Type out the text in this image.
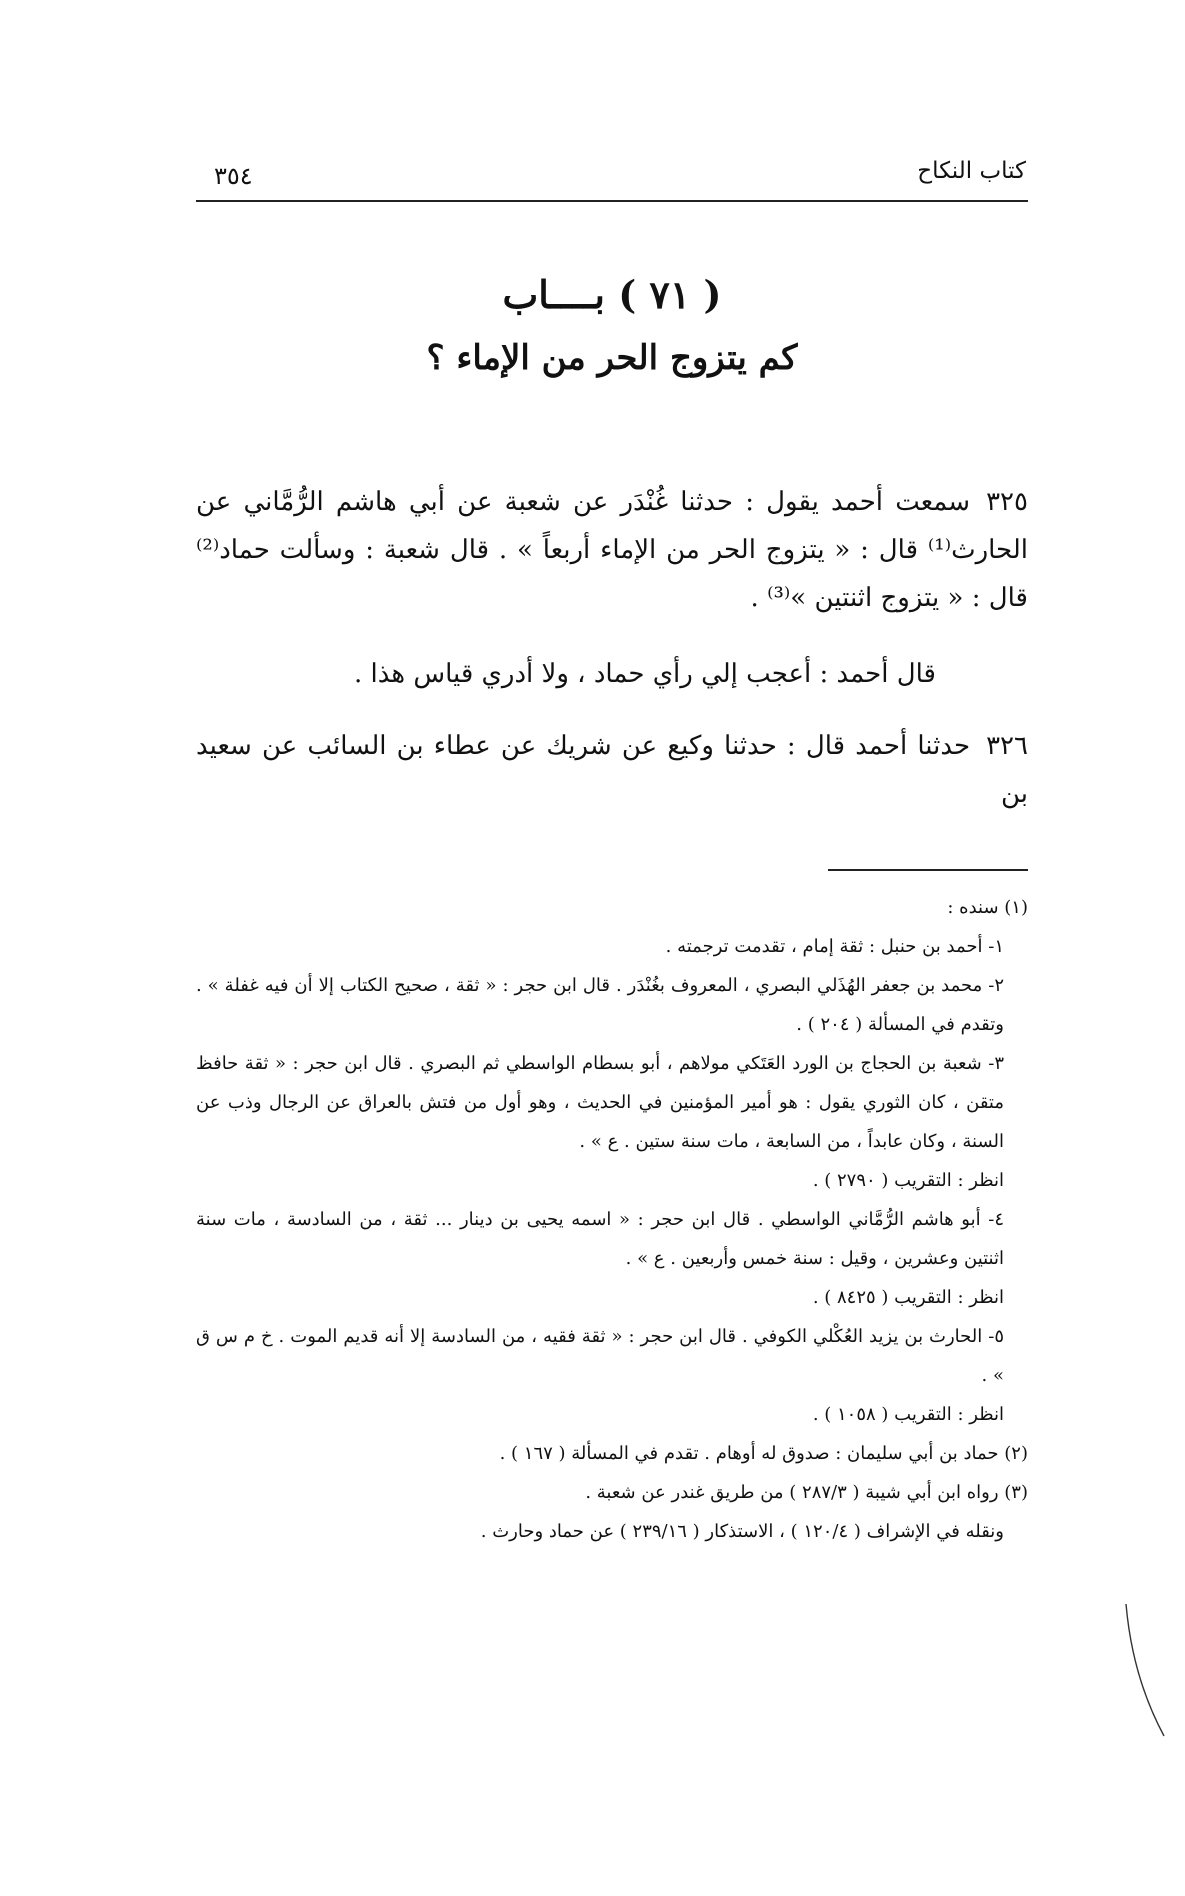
كتاب النكاح
٣٥٤
( ٧١ ) بــــاب
كم يتزوج الحر من الإماء ؟
٣٢٥سمعت أحمد يقول : حدثنا غُنْدَر عن شعبة عن أبي هاشم الرُّمَّاني عن الحارث⁽¹⁾ قال : « يتزوج الحر من الإماء أربعاً » . قال شعبة : وسألت حماد⁽²⁾ قال : « يتزوج اثنتين »⁽³⁾ .
قال أحمد : أعجب إلي رأي حماد ، ولا أدري قياس هذا .
٣٢٦حدثنا أحمد قال : حدثنا وكيع عن شريك عن عطاء بن السائب عن سعيد بن

(١) سنده :

١- أحمد بن حنبل : ثقة إمام ، تقدمت ترجمته .

٢- محمد بن جعفر الهُذَلي البصري ، المعروف بغُنْدَر . قال ابن حجر : « ثقة ، صحيح الكتاب إلا أن فيه غفلة » . وتقدم في المسألة ( ٢٠٤ ) .

٣- شعبة بن الحجاج بن الورد العَتَكي مولاهم ، أبو بسطام الواسطي ثم البصري . قال ابن حجر : « ثقة حافظ متقن ، كان الثوري يقول : هو أمير المؤمنين في الحديث ، وهو أول من فتش بالعراق عن الرجال وذب عن السنة ، وكان عابداً ، من السابعة ، مات سنة ستين . ع » .

انظر : التقريب ( ٢٧٩٠ ) .

٤- أبو هاشم الرُّمَّاني الواسطي . قال ابن حجر : « اسمه يحيى بن دينار ... ثقة ، من السادسة ، مات سنة اثنتين وعشرين ، وقيل : سنة خمس وأربعين . ع » .

انظر : التقريب ( ٨٤٢٥ ) .

٥- الحارث بن يزيد العُكْلي الكوفي . قال ابن حجر : « ثقة فقيه ، من السادسة إلا أنه قديم الموت . خ م س ق » .

انظر : التقريب ( ١٠٥٨ ) .

(٢) حماد بن أبي سليمان : صدوق له أوهام . تقدم في المسألة ( ١٦٧ ) .

(٣) رواه ابن أبي شيبة ( ٢٨٧/٣ ) من طريق غندر عن شعبة .

ونقله في الإشراف ( ١٢٠/٤ ) ، الاستذكار ( ٢٣٩/١٦ ) عن حماد وحارث .
